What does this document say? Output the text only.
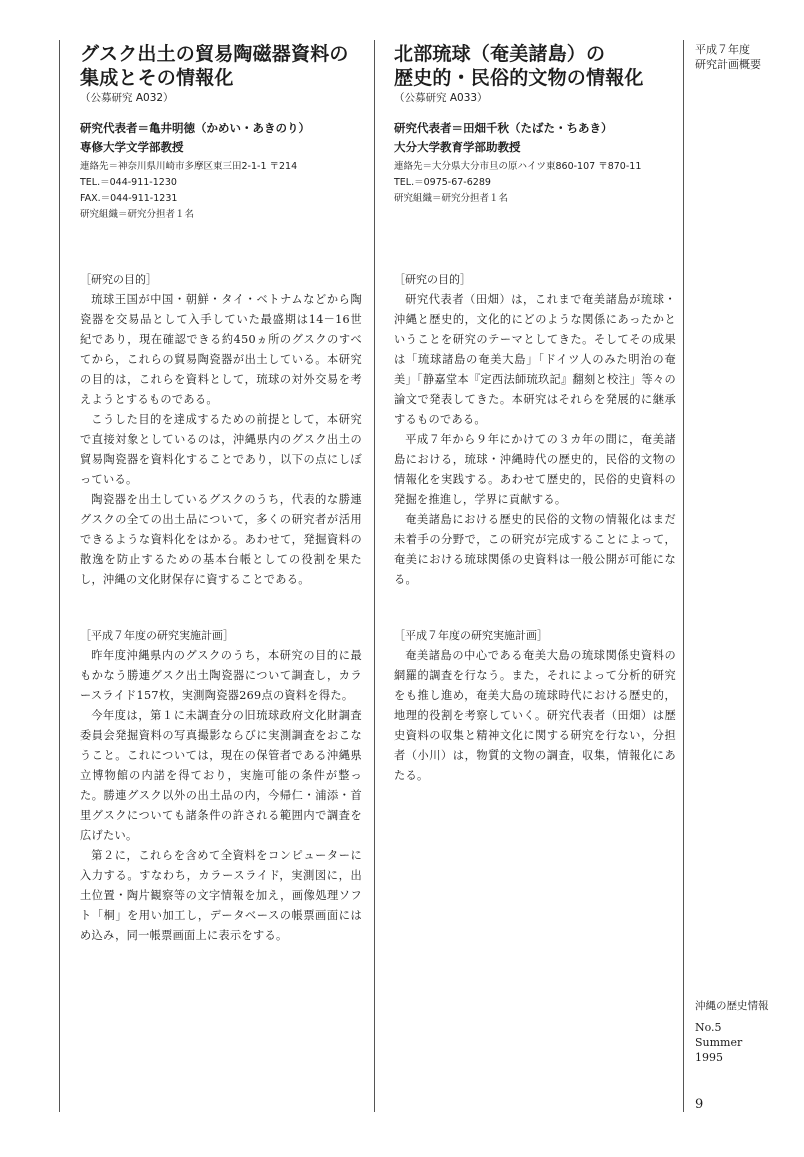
グスク出土の貿易陶磁器資料の
集成とその情報化

（公募研究 A032）

研究代表者＝亀井明徳（かめい・あきのり）

専修大学文学部教授

連絡先＝神奈川県川崎市多摩区東三田2-1-1 〒214
TEL.＝044-911-1230
FAX.＝044-911-1231
研究組織＝研究分担者１名

［研究の目的］

琉球王国が中国・朝鮮・タイ・ベトナムなどから陶瓷器を交易品として入手していた最盛期は14－16世紀であり，現在確認できる約450ヵ所のグスクのすべてから，これらの貿易陶瓷器が出土している。本研究の目的は，これらを資料として，琉球の対外交易を考えようとするものである。

こうした目的を達成するための前提として，本研究で直接対象としているのは，沖縄県内のグスク出土の貿易陶瓷器を資料化することであり，以下の点にしぼっている。

陶瓷器を出土しているグスクのうち，代表的な勝連グスクの全ての出土品について，多くの研究者が活用できるような資料化をはかる。あわせて，発掘資料の散逸を防止するための基本台帳としての役割を果たし，沖縄の文化財保存に資することである。

［平成７年度の研究実施計画］

昨年度沖縄県内のグスクのうち，本研究の目的に最もかなう勝連グスク出土陶瓷器について調査し，カラースライド157枚，実測陶瓷器269点の資料を得た。

今年度は，第１に未調査分の旧琉球政府文化財調査委員会発掘資料の写真撮影ならびに実測調査をおこなうこと。これについては，現在の保管者である沖縄県立博物館の内諾を得ており，実施可能の条件が整った。勝連グスク以外の出土品の内，今帰仁・浦添・首里グスクについても諸条件の許される範囲内で調査を広げたい。

第２に，これらを含めて全資料をコンピューターに入力する。すなわち，カラースライド，実測図に，出土位置・陶片観察等の文字情報を加え，画像処理ソフト「桐」を用い加工し，データベースの帳票画面にはめ込み，同一帳票画面上に表示をする。

北部琉球（奄美諸島）の
歴史的・民俗的文物の情報化

（公募研究 A033）

研究代表者＝田畑千秋（たばた・ちあき）

大分大学教育学部助教授

連絡先＝大分県大分市旦の原ハイツ東860-107 〒870-11
TEL.＝0975-67-6289
研究組織＝研究分担者１名

［研究の目的］

研究代表者（田畑）は，これまで奄美諸島が琉球・沖縄と歴史的，文化的にどのような関係にあったかということを研究のテーマとしてきた。そしてその成果は「琉球諸島の奄美大島」「ドイツ人のみた明治の奄美」「静嘉堂本『定西法師琉玖記』翻刻と校注」等々の論文で発表してきた。本研究はそれらを発展的に継承するものである。

平成７年から９年にかけての３カ年の間に，奄美諸島における，琉球・沖縄時代の歴史的，民俗的文物の情報化を実践する。あわせて歴史的，民俗的史資料の発掘を推進し，学界に貢献する。

奄美諸島における歴史的民俗的文物の情報化はまだ未着手の分野で，この研究が完成することによって，奄美における琉球関係の史資料は一般公開が可能になる。

［平成７年度の研究実施計画］

奄美諸島の中心である奄美大島の琉球関係史資料の網羅的調査を行なう。また，それによって分析的研究をも推し進め，奄美大島の琉球時代における歴史的，地理的役割を考察していく。研究代表者（田畑）は歴史資料の収集と精神文化に関する研究を行ない，分担者（小川）は，物質的文物の調査，収集，情報化にあたる。

平成７年度
研究計画概要
沖縄の歴史情報
No.5
Summer
1995
9
